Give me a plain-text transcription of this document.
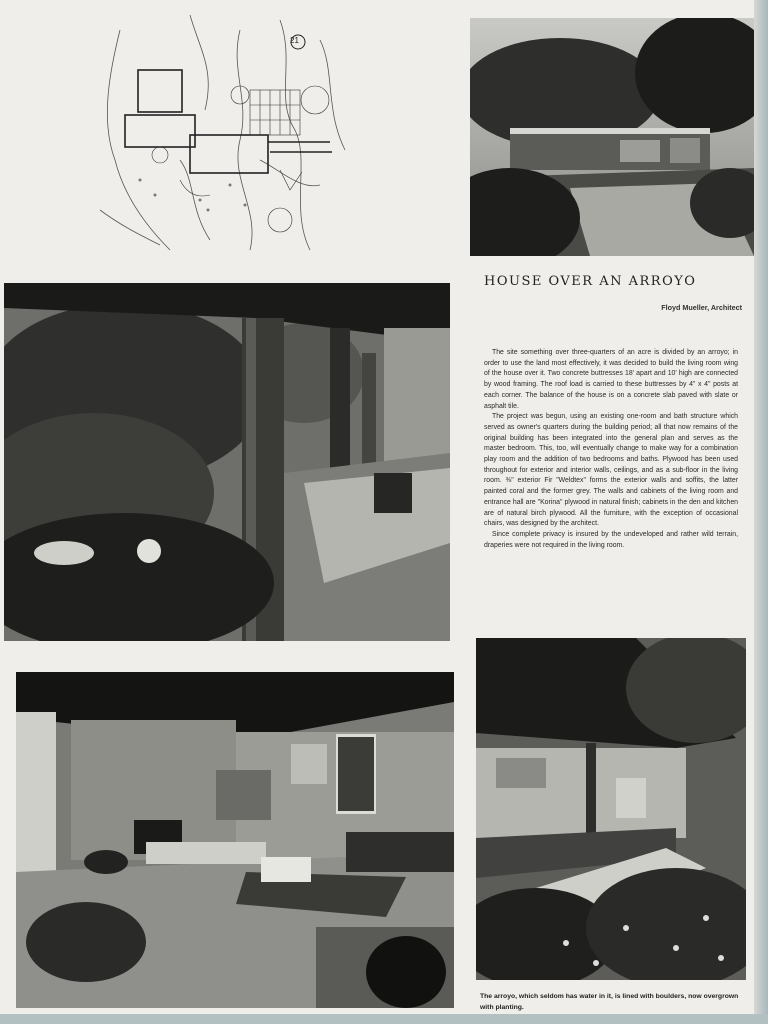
21
HOUSE OVER AN ARROYO
Floyd Mueller, Architect

The site something over three-quarters of an acre is divided by an arroyo; in order to use the land most effectively, it was decided to build the living room wing of the house over it. Two concrete buttresses 18' apart and 10' high are connected by wood framing. The roof load is carried to these buttresses by 4" x 4" posts at each corner. The balance of the house is on a concrete slab paved with slate or asphalt tile.

The project was begun, using an existing one-room and bath structure which served as owner's quarters during the building period; all that now remains of the original building has been integrated into the general plan and serves as the master bedroom. This, too, will eventually change to make way for a combination play room and the addition of two bedrooms and baths. Plywood has been used throughout for exterior and interior walls, ceilings, and as a sub-floor in the living room. ⅜" exterior Fir "Weldtex" forms the exterior walls and soffits, the latter painted coral and the former grey. The walls and cabinets of the living room and entrance hall are "Korina" plywood in natural finish; cabinets in the den and kitchen are of natural birch plywood. All the furniture, with the exception of occasional chairs, was designed by the architect.

Since complete privacy is insured by the undeveloped and rather wild terrain, draperies were not required in the living room.

The arroyo, which seldom has water in it, is lined with boulders, now overgrown with planting.
